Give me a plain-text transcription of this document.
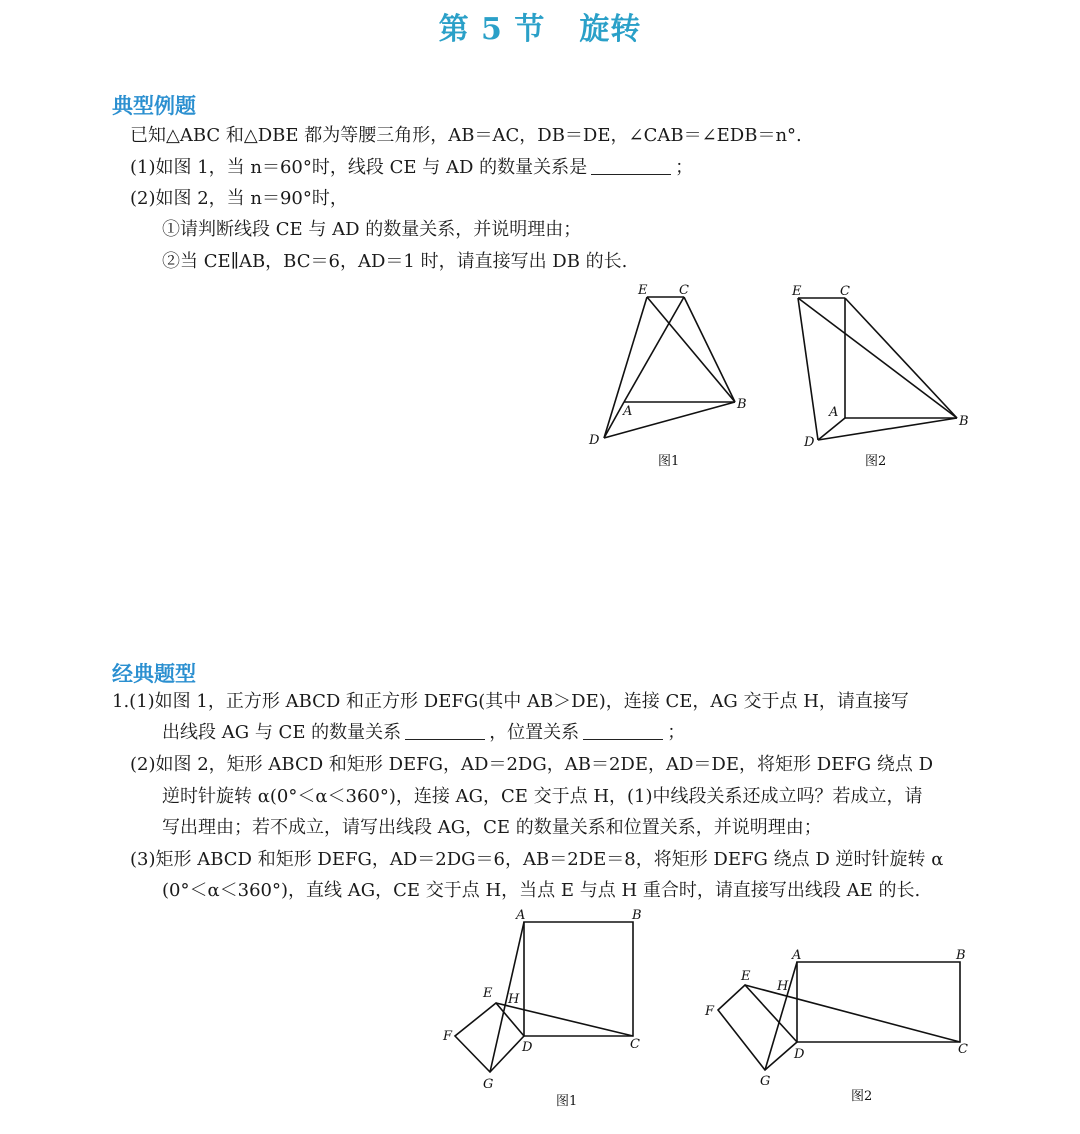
第 5 节 旋转
典型例题
已知△ABC 和△DBE 都为等腰三角形，AB＝AC，DB＝DE，∠CAB＝∠EDB＝n°.
(1)如图 1，当 n＝60°时，线段 CE 与 AD 的数量关系是	；
(2)如图 2，当 n＝90°时，
①请判断线段 CE 与 AD 的数量关系，并说明理由；
②当 CE∥AB，BC＝6，AD＝1 时，请直接写出 DB 的长.
E C
A	B
D
图1
E	C
A
B
D
图2
经典题型
1.(1)如图 1，正方形 ABCD 和正方形 DEFG(其中 AB＞DE)，连接 CE，AG 交于点 H，请直接写
出线段 AG 与 CE 的数量关系	，位置关系	；
(2)如图 2，矩形 ABCD 和矩形 DEFG，AD＝2DG，AB＝2DE，AD＝DE，将矩形 DEFG 绕点 D
逆时针旋转 α(0°＜α＜360°)，连接 AG，CE 交于点 H，(1)中线段关系还成立吗？若成立，请
写出理由；若不成立，请写出线段 AG，CE 的数量关系和位置关系，并说明理由；
(3)矩形 ABCD 和矩形 DEFG，AD＝2DG＝6，AB＝2DE＝8，将矩形 DEFG 绕点 D 逆时针旋转 α
(0°＜α＜360°)，直线 AG，CE 交于点 H，当点 E 与点 H 重合时，请直接写出线段 AE 的长.
A	B
E H
F
D	C
G
图1
A	B
E
H
F
D	C
G
图2
